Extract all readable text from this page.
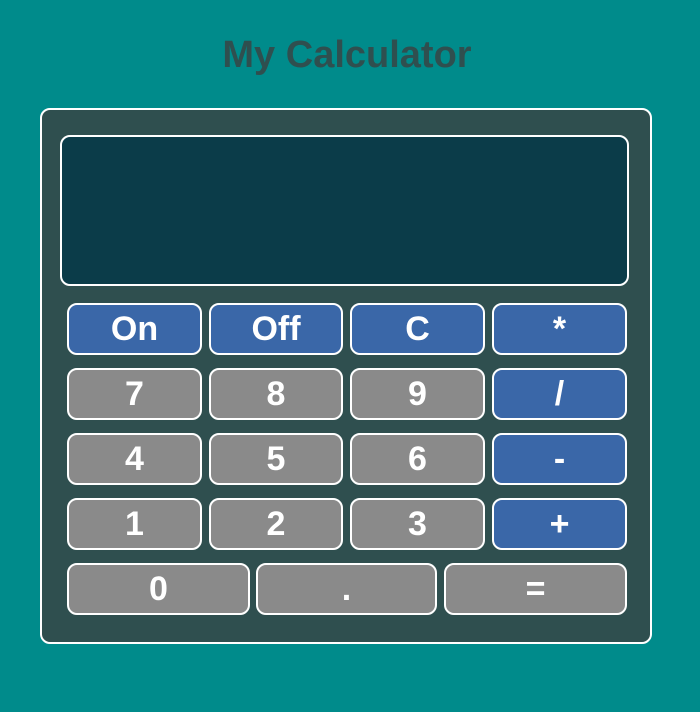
My Calculator
On	Off	C	*
7	8	9	/
4	5	6	-
1	2	3	+
0	.	=
